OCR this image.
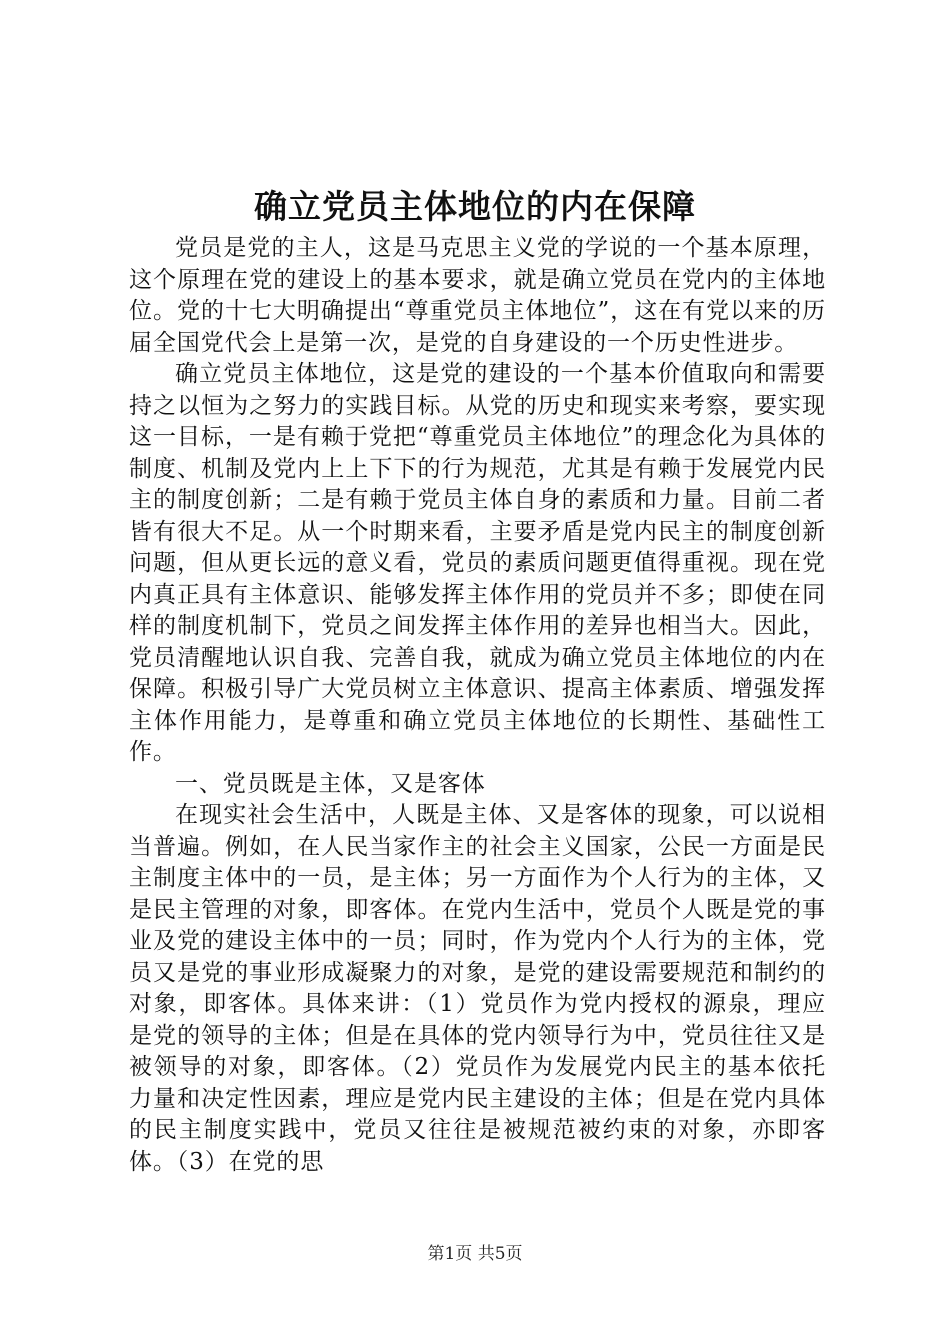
确立党员主体地位的内在保障

党员是党的主人，这是马克思主义党的学说的一个基本原理，这个原理在党的建设上的基本要求，就是确立党员在党内的主体地位。党的十七大明确提出“尊重党员主体地位”，这在有党以来的历届全国党代会上是第一次，是党的自身建设的一个历史性进步。

确立党员主体地位，这是党的建设的一个基本价值取向和需要持之以恒为之努力的实践目标。从党的历史和现实来考察，要实现这一目标，一是有赖于党把“尊重党员主体地位”的理念化为具体的制度、机制及党内上上下下的行为规范，尤其是有赖于发展党内民主的制度创新；二是有赖于党员主体自身的素质和力量。目前二者皆有很大不足。从一个时期来看，主要矛盾是党内民主的制度创新问题，但从更长远的意义看，党员的素质问题更值得重视。现在党内真正具有主体意识、能够发挥主体作用的党员并不多；即使在同样的制度机制下，党员之间发挥主体作用的差异也相当大。因此，党员清醒地认识自我、完善自我，就成为确立党员主体地位的内在保障。积极引导广大党员树立主体意识、提高主体素质、增强发挥主体作用能力，是尊重和确立党员主体地位的长期性、基础性工作。

一、党员既是主体，又是客体

在现实社会生活中，人既是主体、又是客体的现象，可以说相当普遍。例如，在人民当家作主的社会主义国家，公民一方面是民主制度主体中的一员，是主体；另一方面作为个人行为的主体，又是民主管理的对象，即客体。在党内生活中，党员个人既是党的事业及党的建设主体中的一员；同时，作为党内个人行为的主体，党员又是党的事业形成凝聚力的对象，是党的建设需要规范和制约的对象，即客体。具体来讲：（1）党员作为党内授权的源泉，理应是党的领导的主体；但是在具体的党内领导行为中，党员往往又是被领导的对象，即客体。（2）党员作为发展党内民主的基本依托力量和决定性因素，理应是党内民主建设的主体；但是在党内具体的民主制度实践中，党员又往往是被规范被约束的对象，亦即客体。（3）在党的思

第1页 共5页
